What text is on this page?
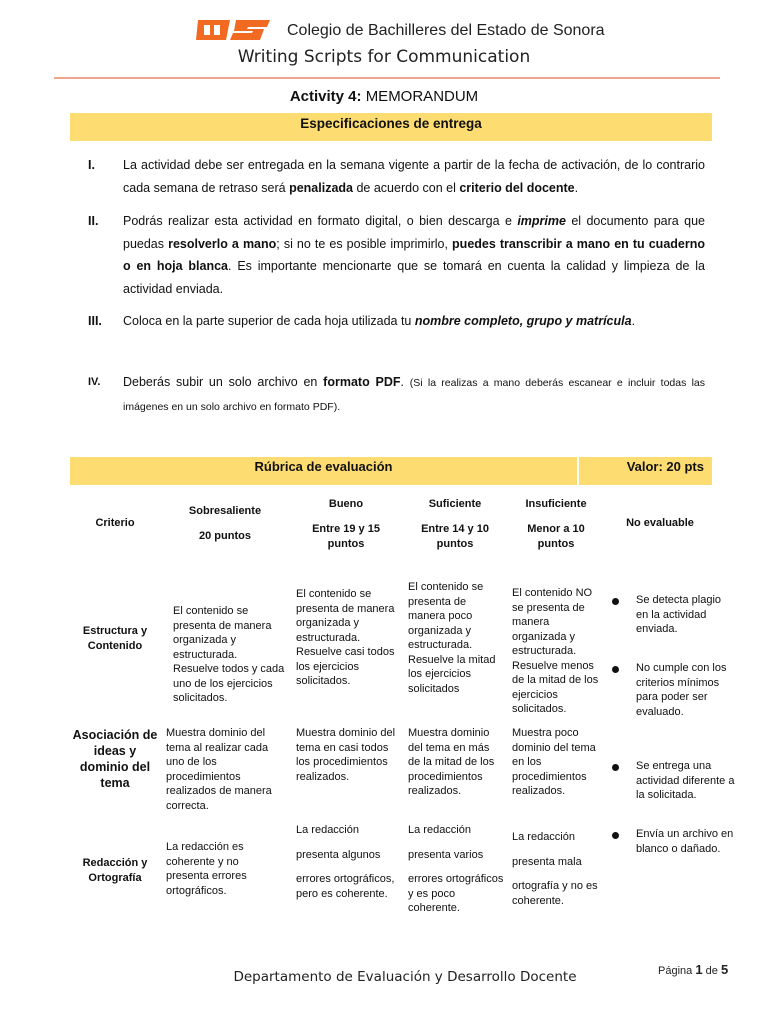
Colegio de Bachilleres del Estado de Sonora
Writing Scripts for Communication
Activity 4: MEMORANDUM
Especificaciones de entrega
I. La actividad debe ser entregada en la semana vigente a partir de la fecha de activación, de lo contrario cada semana de retraso será penalizada de acuerdo con el criterio del docente.
II. Podrás realizar esta actividad en formato digital, o bien descarga e imprime el documento para que puedas resolverlo a mano; si no te es posible imprimirlo, puedes transcribir a mano en tu cuaderno o en hoja blanca. Es importante mencionarte que se tomará en cuenta la calidad y limpieza de la actividad enviada.
III. Coloca en la parte superior de cada hoja utilizada tu nombre completo, grupo y matrícula.
IV. Deberás subir un solo archivo en formato PDF. (Si la realizas a mano deberás escanear e incluir todas las imágenes en un solo archivo en formato PDF).
Rúbrica de evaluación	Valor: 20 pts
Criterio
Sobresaliente
20 puntos
Bueno
Entre 19 y 15 puntos
Suficiente
Entre 14 y 10 puntos
Insuficiente
Menor a 10 puntos
No evaluable
Estructura y Contenido
El contenido se presenta de manera organizada y estructurada. Resuelve todos y cada uno de los ejercicios solicitados.
El contenido se presenta de manera organizada y estructurada. Resuelve casi todos los ejercicios solicitados.
El contenido se presenta de manera poco organizada y estructurada. Resuelve la mitad los ejercicios solicitados
El contenido NO se presenta de manera organizada y estructurada. Resuelve menos de la mitad de los ejercicios solicitados.
Asociación de ideas y dominio del tema
Muestra dominio del tema al realizar cada uno de los procedimientos realizados de manera correcta.
Muestra dominio del tema en casi todos los procedimientos realizados.
Muestra dominio del tema en más de la mitad de los procedimientos realizados.
Muestra poco dominio del tema en los procedimientos realizados.
Redacción y Ortografía
La redacción es coherente y no presenta errores ortográficos.

La redacción

presenta algunos

errores ortográficos, pero es coherente.

La redacción

presenta varios

errores ortográficos y es poco coherente.

La redacción

presenta mala

ortografía y no es coherente.

Se detecta plagio en la actividad enviada.
No cumple con los criterios mínimos para poder ser evaluado.
Se entrega una actividad diferente a la solicitada.
Envía un archivo en blanco o dañado.
Departamento de Evaluación y Desarrollo Docente	Página 1 de 5
